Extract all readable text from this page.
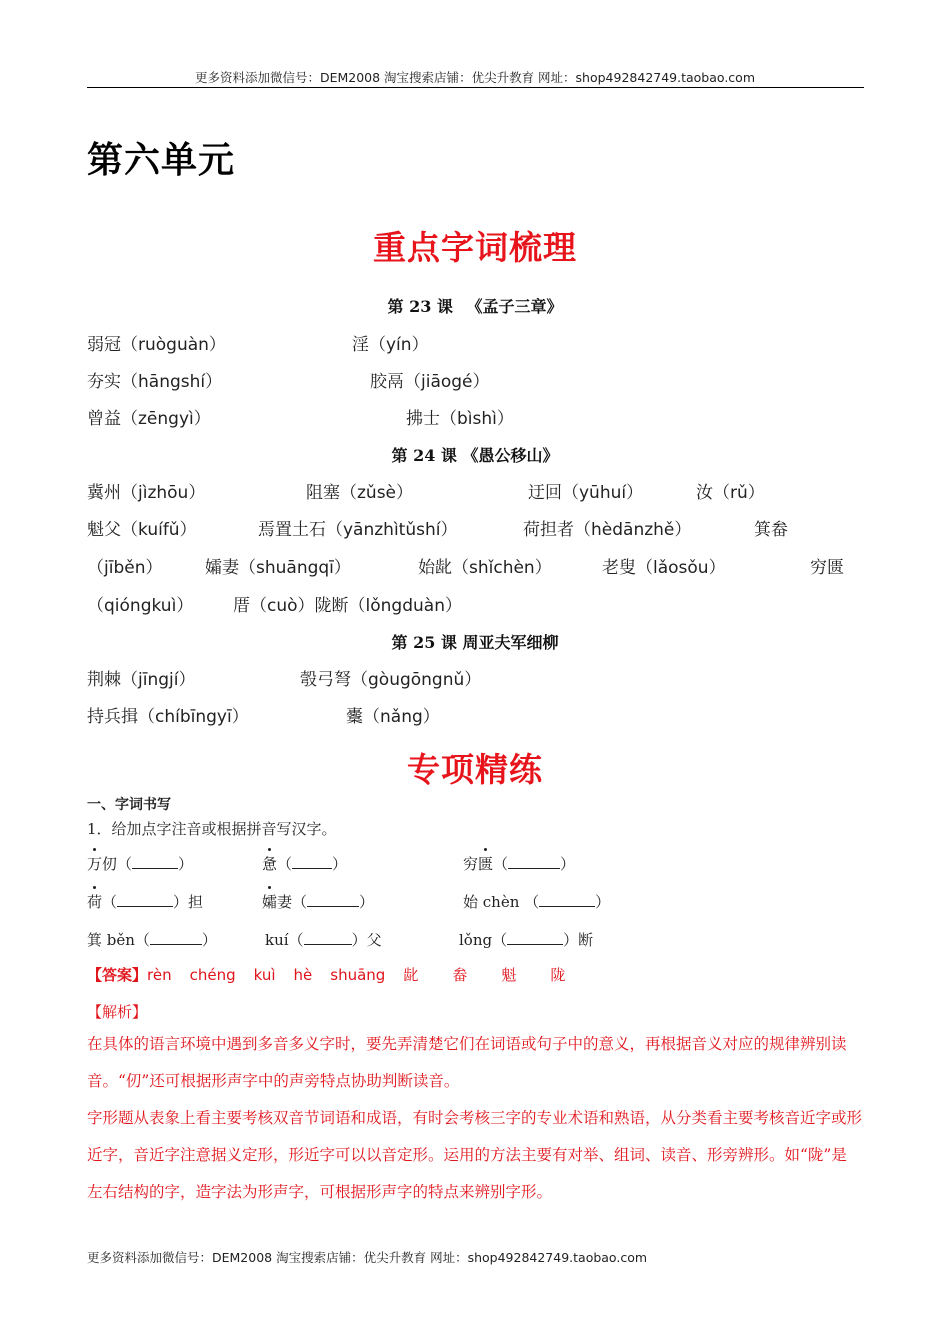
更多资料添加微信号：DEM2008 淘宝搜索店铺：优尖升教育 网址：shop492842749.taobao.com
第六单元
重点字词梳理
第 23 课 　《孟子三章》
弱冠（ruòguàn）	淫（yín）
夯实（hāngshí）	胶鬲（jiāogé）
曾益（zēngyì）	拂士（bìshì）
第 24 课 《愚公移山》
冀州（jìzhōu）	阻塞（zǔsè）	迂回（yūhuí）	汝（rǔ）
魁父（kuífǔ）	焉置土石（yānzhìtǔshí）	荷担者（hèdānzhě）	箕畚
（jīběn）	孀妻（shuāngqī）	始龀（shǐchèn）	老叟（lǎosǒu）	穷匮
（qióngkuì） 厝（cuò）陇断（lǒngduàn）
第 25 课 周亚夫军细柳
荆棘（jīngjí）	彀弓弩（gòugōngnǔ）
持兵揖（chíbīngyī）	櫜（nǎng）
专项精练
一、字词书写
1．给加点字注音或根据拼音写汉字。
万仞（	）	惫（	）	穷匮（	）
荷（	）担	孀妻（	）	始 chèn （	）
箕 běn（	）	kuí（	）父	lǒng（	）断
【答案】rèn chéng kuì hè shuāng 龀 畚 魁 陇
【解析】
在具体的语言环境中遇到多音多义字时，要先弄清楚它们在词语或句子中的意义，再根据音义对应的规律辨别读音。“仞”还可根据形声字中的声旁特点协助判断读音。
字形题从表象上看主要考核双音节词语和成语，有时会考核三字的专业术语和熟语，从分类看主要考核音近字或形近字，音近字注意据义定形，形近字可以以音定形。运用的方法主要有对举、组词、读音、形旁辨形。如“陇”是左右结构的字，造字法为形声字，可根据形声字的特点来辨别字形。
更多资料添加微信号：DEM2008 淘宝搜索店铺：优尖升教育 网址：shop492842749.taobao.com
